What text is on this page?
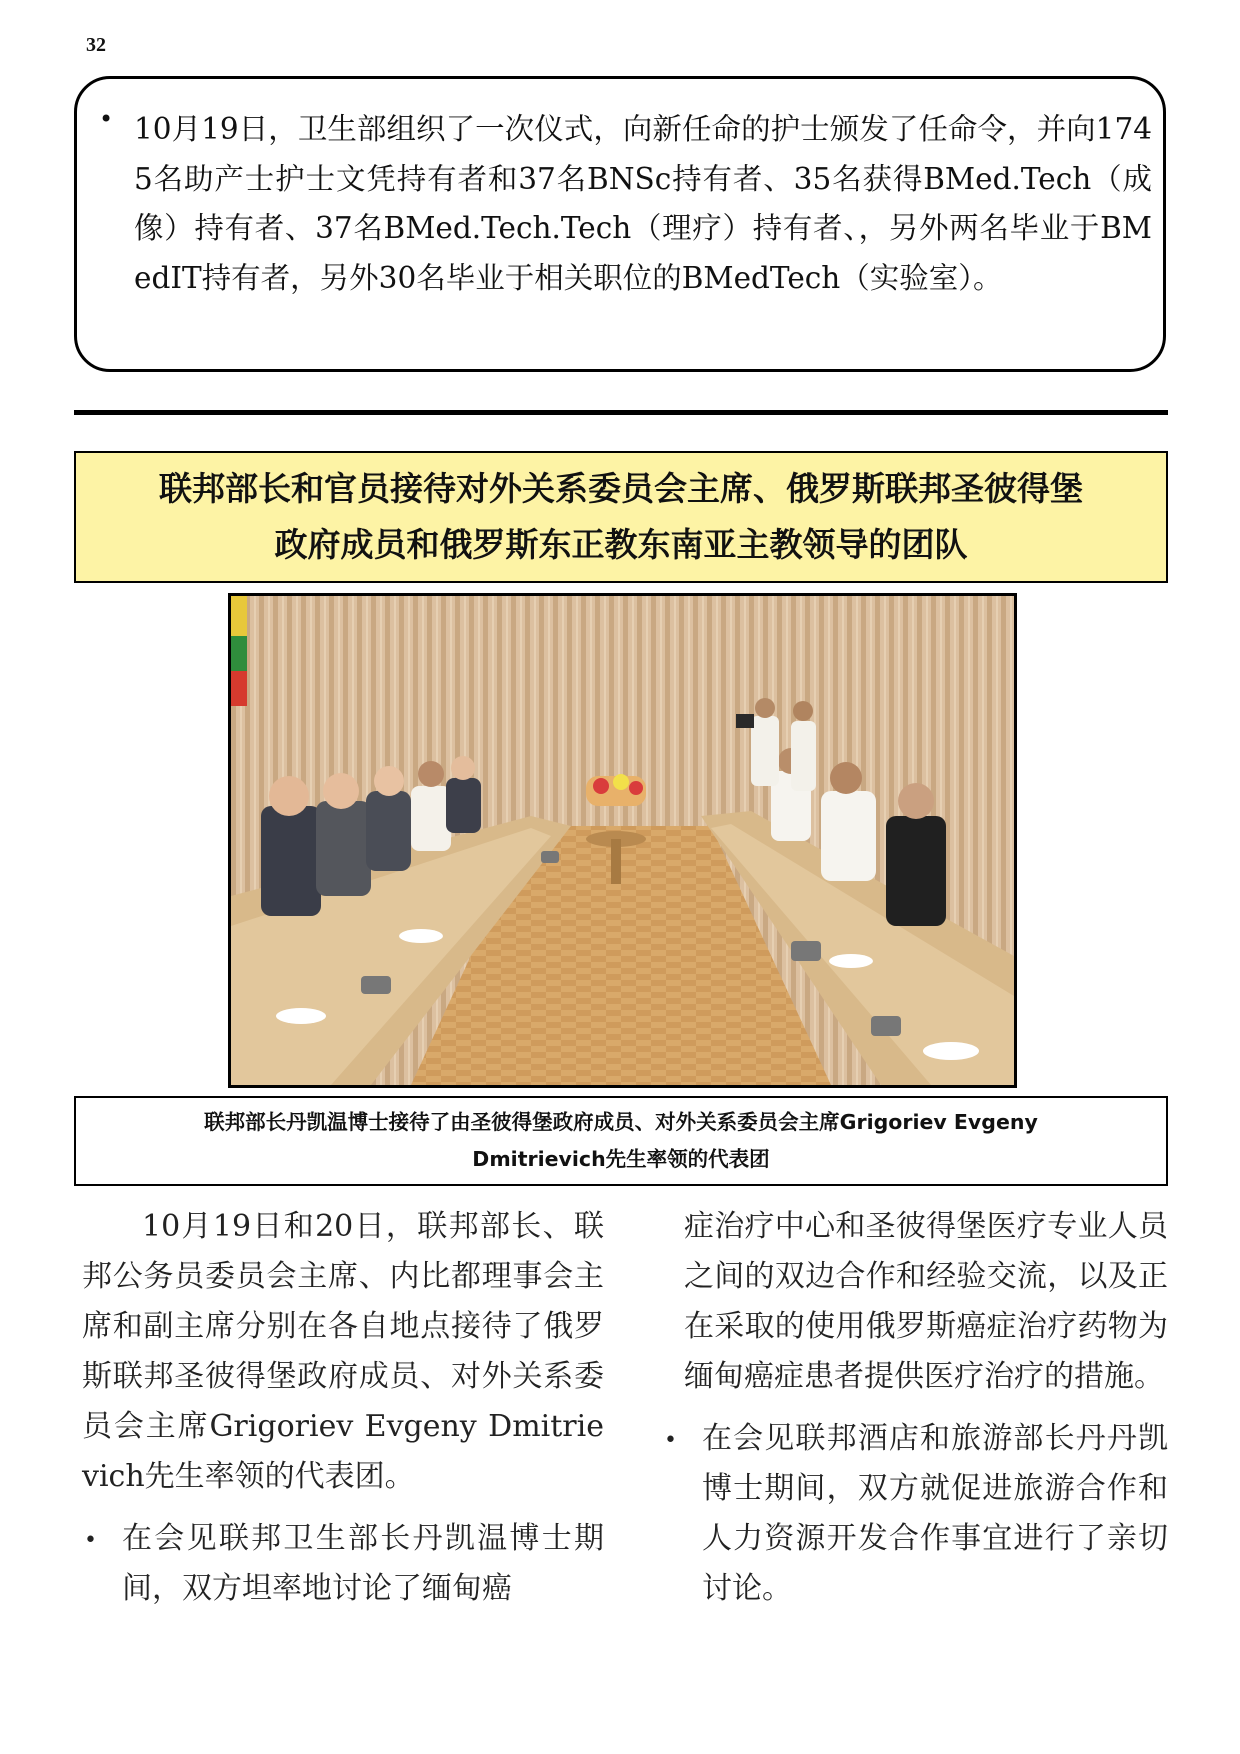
32
• 10月19日，卫生部组织了一次仪式，向新任命的护士颁发了任命令，并向1745名助产士护士文凭持有者和37名BNSc持有者、35名获得BMed.Tech（成像）持有者、37名BMed.Tech.Tech（理疗）持有者、，另外两名毕业于BMedIT持有者，另外30名毕业于相关职位的BMedTech（实验室）。
联邦部长和官员接待对外关系委员会主席、俄罗斯联邦圣彼得堡
政府成员和俄罗斯东正教东南亚主教领导的团队
联邦部长丹凯温博士接待了由圣彼得堡政府成员、对外关系委员会主席Grigoriev Evgeny
Dmitrievich先生率领的代表团

10月19日和20日，联邦部长、联邦公务员委员会主席、内比都理事会主席和副主席分别在各自地点接待了俄罗斯联邦圣彼得堡政府成员、对外关系委员会主席Grigoriev Evgeny Dmitrievich先生率领的代表团。

• 在会见联邦卫生部长丹凯温博士期间，双方坦率地讨论了缅甸癌
症治疗中心和圣彼得堡医疗专业人员之间的双边合作和经验交流，以及正在采取的使用俄罗斯癌症治疗药物为缅甸癌症患者提供医疗治疗的措施。
• 在会见联邦酒店和旅游部长丹丹凯博士期间，双方就促进旅游合作和人力资源开发合作事宜进行了亲切讨论。
